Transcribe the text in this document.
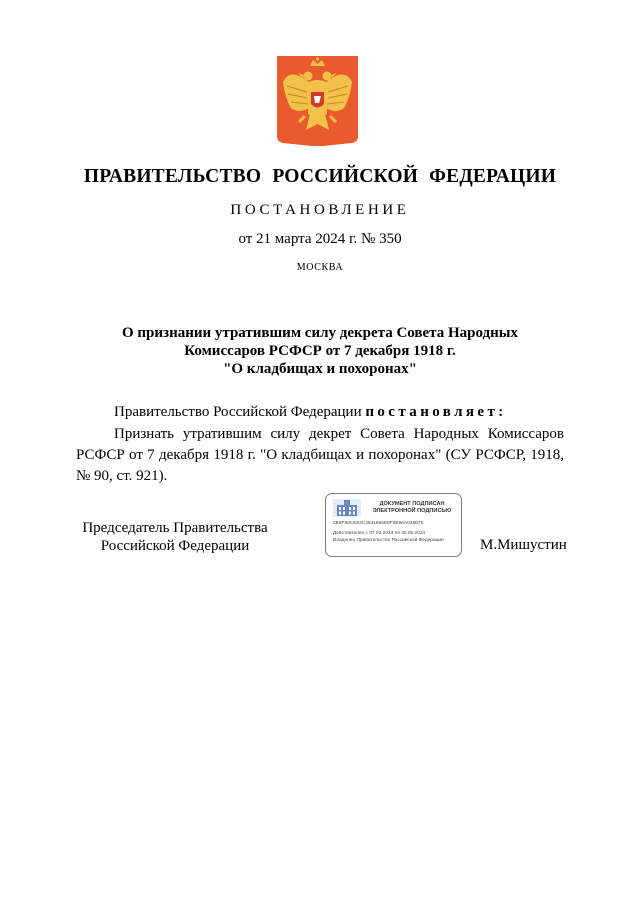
ПРАВИТЕЛЬСТВО РОССИЙСКОЙ ФЕДЕРАЦИИ
ПОСТАНОВЛЕНИЕ
от 21 марта 2024 г. № 350
МОСКВА
О признании утратившим силу декрета Совета Народных
Комиссаров РСФСР от 7 декабря 1918 г.
"О кладбищах и похоронах"
Правительство Российской Федерации постановляет:
Признать утратившим силу декрет Совета Народных Комиссаров РСФСР от 7 декабря 1918 г. "О кладбищах и похоронах" (СУ РСФСР, 1918, № 90, ст. 921).
Председатель Правительства
Российской Федерации
ДОКУМЕНТ ПОДПИСАН
ЭЛЕКТРОННОЙ ПОДПИСЬЮ
2E6F90CE53C4641866E6F3E86A03867E
Действителен с 07.03.2023 по 30.05.2024
Владелец Правительство Российской Федерации	М.Мишустин
